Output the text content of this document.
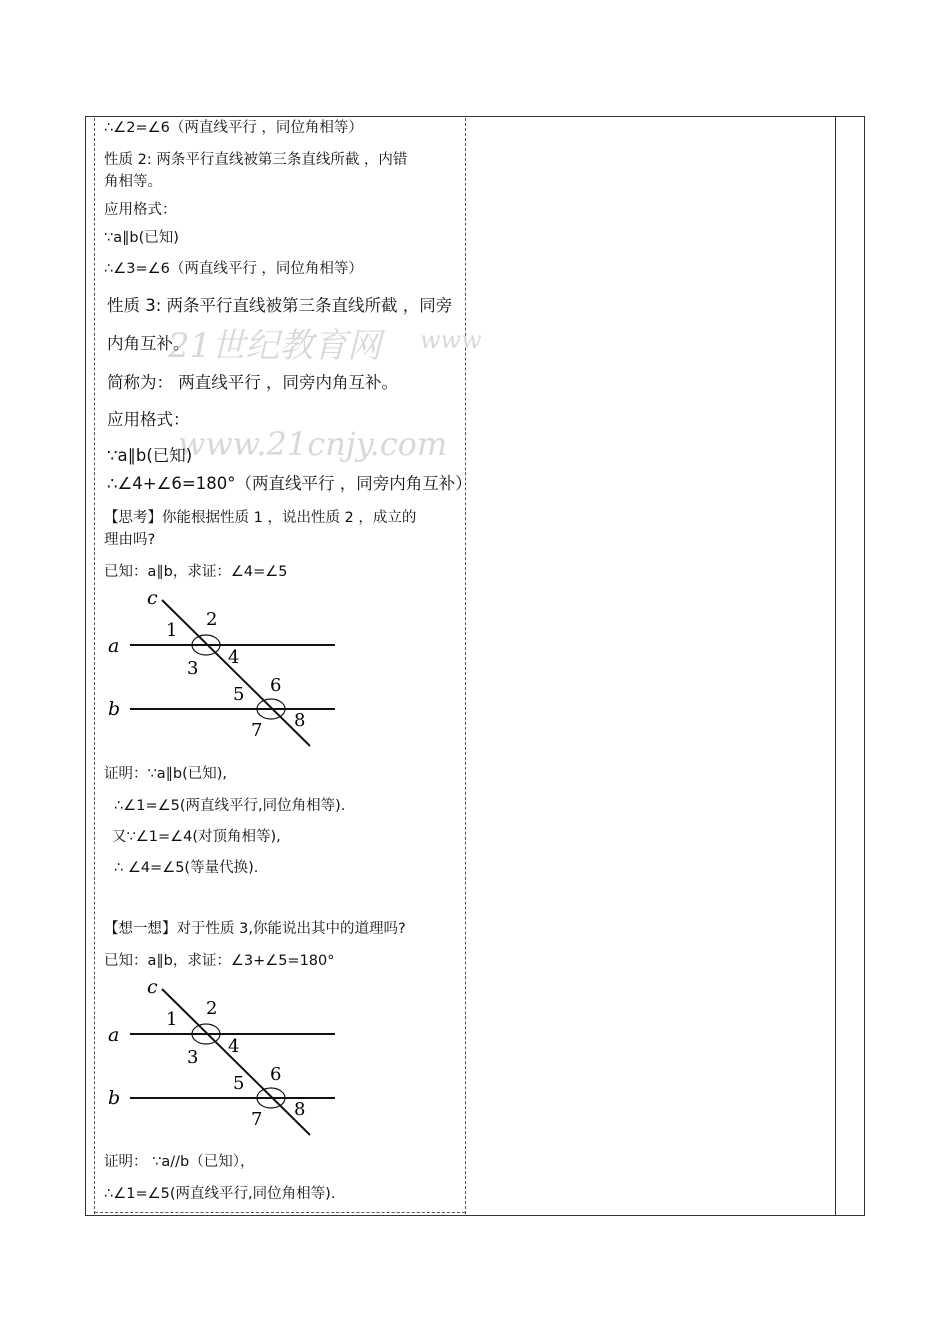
21世纪教育网 www
www.21cnjy.com
∴∠2=∠6（两直线平行 ，同位角相等）
性质 2: 两条平行直线被第三条直线所截 ，内错
角相等。
应用格式：
∵a∥b(已知)
∴∠3=∠6（两直线平行 ，同位角相等）
性质 3: 两条平行直线被第三条直线所截 ，同旁
内角互补。
简称为： 两直线平行 ，同旁内角互补。
应用格式：
∵a∥b(已知)
∴∠4+∠6=180°（两直线平行 ，同旁内角互补）
【思考】你能根据性质 1 ，说出性质 2 ，成立的
理由吗?
已知：a∥b，求证：∠4=∠5
证明：∵a∥b(已知),
∴∠1=∠5(两直线平行,同位角相等).
又∵∠1=∠4(对顶角相等),
∴ ∠4=∠5(等量代换).
【想一想】对于性质 3,你能说出其中的道理吗?
已知：a∥b，求证：∠3+∠5=180°
证明： ∵a//b（已知），
∴∠1=∠5(两直线平行,同位角相等).
a
b
c
1
2
3
4
5 6
7 8
a
b
c
1
2
3
4
5 6
7 8
